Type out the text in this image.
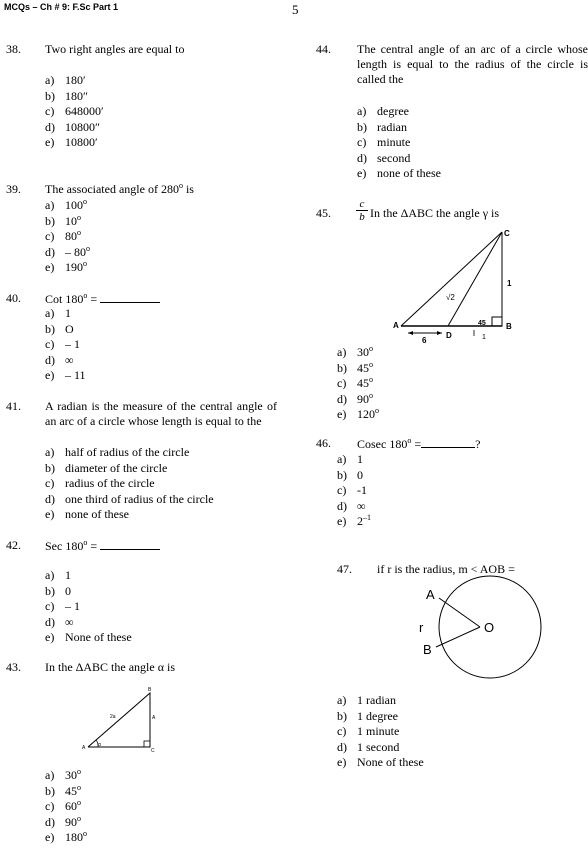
MCQs – Ch # 9: F.Sc Part 1	5
38. Two right angles are equal to
a) 180′
b) 180″
c) 648000′
d) 10800″
e) 10800′
39. The associated angle of 280$^o$ is
a) 100$^o$
b) 10$^o$
c) 80$^o$
d) – 80$^o$
e) 190$^o$
40. Cot $180^o$ =
a) 1
b) O
c) – 1
d) ∞
e) – 11
41. A radian is the measure of the central angle of an arc of a circle whose length is equal to the
a) half of radius of the circle
b) diameter of the circle
c) radius of the circle
d) one third of radius of the circle
e) none of these
42. Sec $180^o$ =
a) 1
b) 0
c) – 1
d) ∞
e) None of these
43. In the ΔABC the angle α is
A
B
C
A
2a
α
a) 30$^o$
b) 45$^o$
c) 60$^o$
d) 90$^o$
e) 180$^o$
44. The central angle of an arc of a circle whose length is equal to the radius of the circle is called the
a) degree
b) radian
c) minute
d) second
e) none of these
45. $\frac{c}{b}$ In the ΔABC the angle γ is
A	B
C
D
√2
1
1
6
45
a) 30$^o$
b) 45$^o$
c) 45$^o$
d) 90$^o$
e) 120$^o$
46. Cosec $180^o$ =	?
a) 1
b) 0
c) -1
d) ∞
e) $2^{-1}$
47. if r is the radius, m < AOB =
A
B
O
r
a) 1 radian
b) 1 degree
c) 1 minute
d) 1 second
e) None of these
